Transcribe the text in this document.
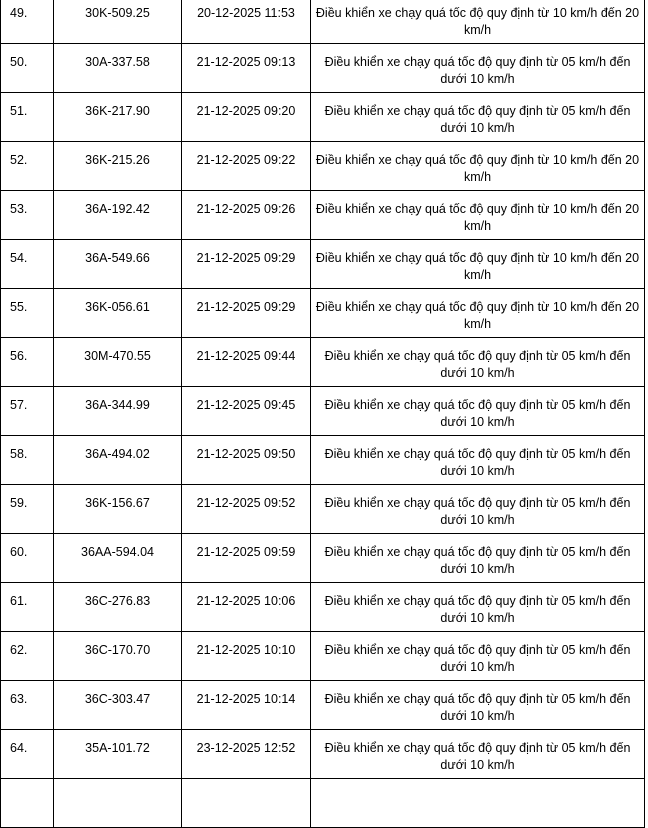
49.	30K-509.25	20-12-2025 11:53	Điều khiển xe chạy quá tốc độ quy định từ 10 km/h đến 20 km/h
50.	30A-337.58	21-12-2025 09:13	Điều khiển xe chạy quá tốc độ quy định từ 05 km/h đến dưới 10 km/h
51.	36K-217.90	21-12-2025 09:20	Điều khiển xe chạy quá tốc độ quy định từ 05 km/h đến dưới 10 km/h
52.	36K-215.26	21-12-2025 09:22	Điều khiển xe chạy quá tốc độ quy định từ 10 km/h đến 20 km/h
53.	36A-192.42	21-12-2025 09:26	Điều khiển xe chạy quá tốc độ quy định từ 10 km/h đến 20 km/h
54.	36A-549.66	21-12-2025 09:29	Điều khiển xe chạy quá tốc độ quy định từ 10 km/h đến 20 km/h
55.	36K-056.61	21-12-2025 09:29	Điều khiển xe chạy quá tốc độ quy định từ 10 km/h đến 20 km/h
56.	30M-470.55	21-12-2025 09:44	Điều khiển xe chạy quá tốc độ quy định từ 05 km/h đến dưới 10 km/h
57.	36A-344.99	21-12-2025 09:45	Điều khiển xe chạy quá tốc độ quy định từ 05 km/h đến dưới 10 km/h
58.	36A-494.02	21-12-2025 09:50	Điều khiển xe chạy quá tốc độ quy định từ 05 km/h đến dưới 10 km/h
59.	36K-156.67	21-12-2025 09:52	Điều khiển xe chạy quá tốc độ quy định từ 05 km/h đến dưới 10 km/h
60.	36AA-594.04	21-12-2025 09:59	Điều khiển xe chạy quá tốc độ quy định từ 05 km/h đến dưới 10 km/h
61.	36C-276.83	21-12-2025 10:06	Điều khiển xe chạy quá tốc độ quy định từ 05 km/h đến dưới 10 km/h
62.	36C-170.70	21-12-2025 10:10	Điều khiển xe chạy quá tốc độ quy định từ 05 km/h đến dưới 10 km/h
63.	36C-303.47	21-12-2025 10:14	Điều khiển xe chạy quá tốc độ quy định từ 05 km/h đến dưới 10 km/h
64.	35A-101.72	23-12-2025 12:52	Điều khiển xe chạy quá tốc độ quy định từ 05 km/h đến dưới 10 km/h
